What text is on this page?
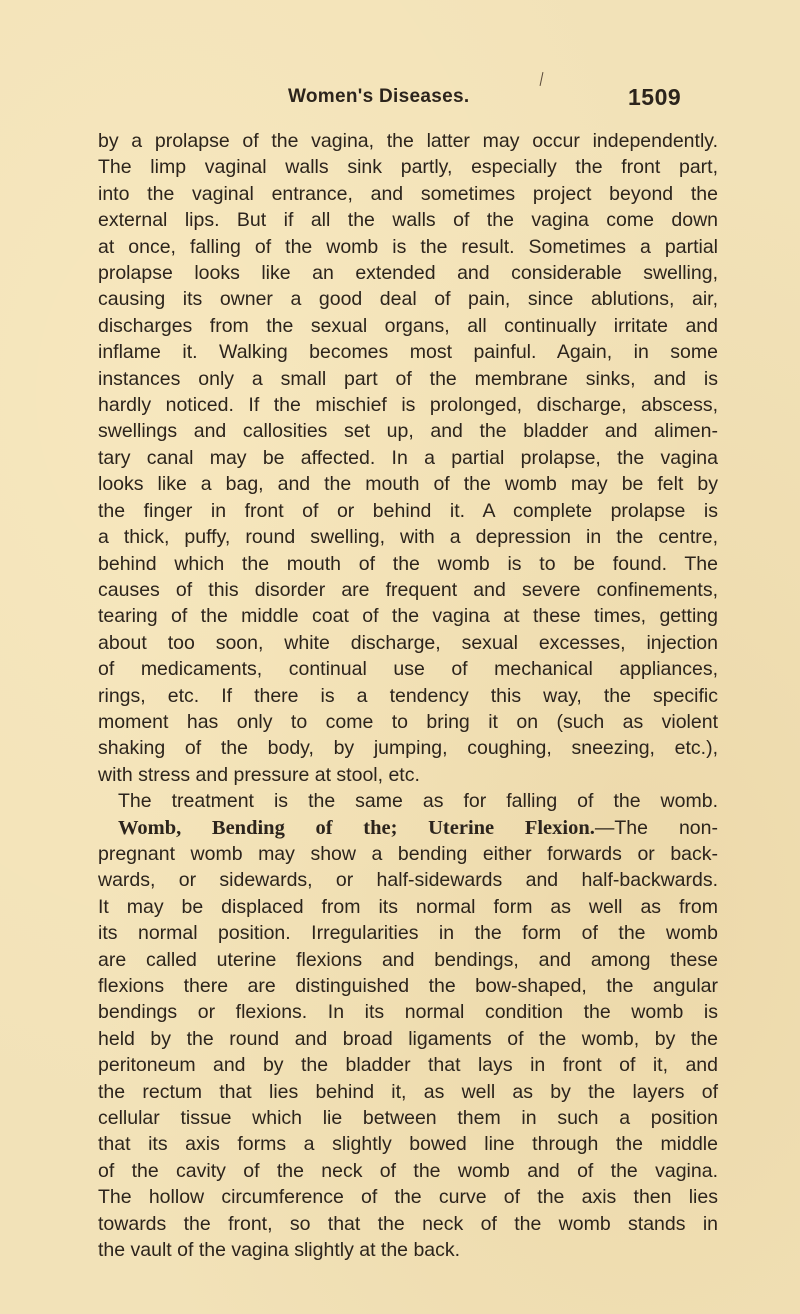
Women's Diseases.	1509
by a prolapse of the vagina, the latter may occur independently.
The limp vaginal walls sink partly, especially the front part,
into the vaginal entrance, and sometimes project beyond the
external lips. But if all the walls of the vagina come down
at once, falling of the womb is the result. Sometimes a partial
prolapse looks like an extended and considerable swelling,
causing its owner a good deal of pain, since ablutions, air,
discharges from the sexual organs, all continually irritate and
inflame it. Walking becomes most painful. Again, in some
instances only a small part of the membrane sinks, and is
hardly noticed. If the mischief is prolonged, discharge, abscess,
swellings and callosities set up, and the bladder and alimen-
tary canal may be affected. In a partial prolapse, the vagina
looks like a bag, and the mouth of the womb may be felt by
the finger in front of or behind it. A complete prolapse is
a thick, puffy, round swelling, with a depression in the centre,
behind which the mouth of the womb is to be found. The
causes of this disorder are frequent and severe confinements,
tearing of the middle coat of the vagina at these times, getting
about too soon, white discharge, sexual excesses, injection
of medicaments, continual use of mechanical appliances,
rings, etc. If there is a tendency this way, the specific
moment has only to come to bring it on (such as violent
shaking of the body, by jumping, coughing, sneezing, etc.),
with stress and pressure at stool, etc.
The treatment is the same as for falling of the womb.
Womb, Bending of the; Uterine Flexion.—The non-
pregnant womb may show a bending either forwards or back-
wards, or sidewards, or half-sidewards and half-backwards.
It may be displaced from its normal form as well as from
its normal position. Irregularities in the form of the womb
are called uterine flexions and bendings, and among these
flexions there are distinguished the bow-shaped, the angular
bendings or flexions. In its normal condition the womb is
held by the round and broad ligaments of the womb, by the
peritoneum and by the bladder that lays in front of it, and
the rectum that lies behind it, as well as by the layers of
cellular tissue which lie between them in such a position
that its axis forms a slightly bowed line through the middle
of the cavity of the neck of the womb and of the vagina.
The hollow circumference of the curve of the axis then lies
towards the front, so that the neck of the womb stands in
the vault of the vagina slightly at the back.
